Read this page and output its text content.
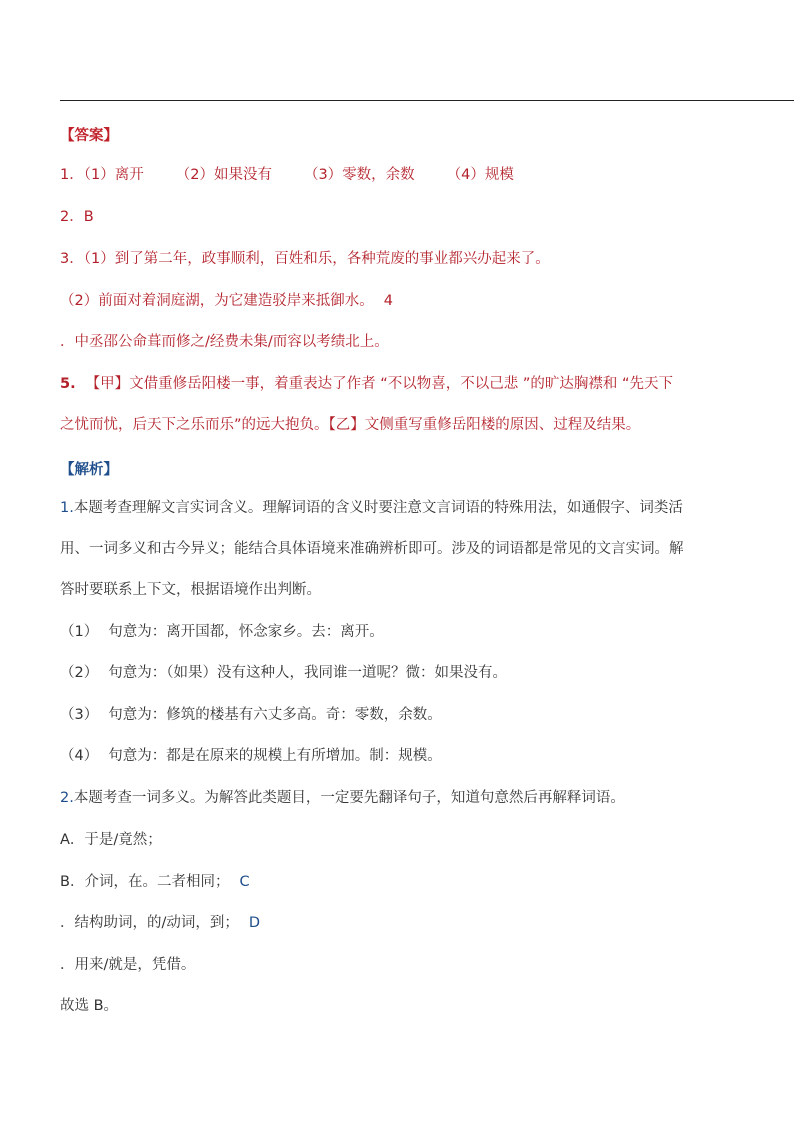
【答案】
1．（1）离开 （2）如果没有 （3）零数，余数 （4）规模
2．B
3．（1）到了第二年，政事顺利，百姓和乐，各种荒废的事业都兴办起来了。
（2）前面对着洞庭湖，为它建造驳岸来抵御水。 4
．中丞邵公命葺而修之/经费未集/而容以考绩北上。
5. 【甲】文借重修岳阳楼一事，着重表达了作者 “不以物喜，不以己悲 ”的旷达胸襟和 “先天下
之忧而忧，后天下之乐而乐”的远大抱负。【乙】文侧重写重修岳阳楼的原因、过程及结果。
【解析】
1.本题考查理解文言实词含义。理解词语的含义时要注意文言词语的特殊用法，如通假字、词类活
用、一词多义和古今异义；能结合具体语境来准确辨析即可。涉及的词语都是常见的文言实词。解
答时要联系上下文，根据语境作出判断。
（1） 句意为：离开国都，怀念家乡。去：离开。
（2） 句意为：（如果）没有这种人，我同谁一道呢？微：如果没有。
（3） 句意为：修筑的楼基有六丈多高。奇：零数，余数。
（4） 句意为：都是在原来的规模上有所增加。制：规模。
2.本题考查一词多义。为解答此类题目，一定要先翻译句子，知道句意然后再解释词语。
A．于是/竟然；
B．介词，在。二者相同； C
．结构助词，的/动词，到； D
．用来/就是，凭借。
故选 B。
